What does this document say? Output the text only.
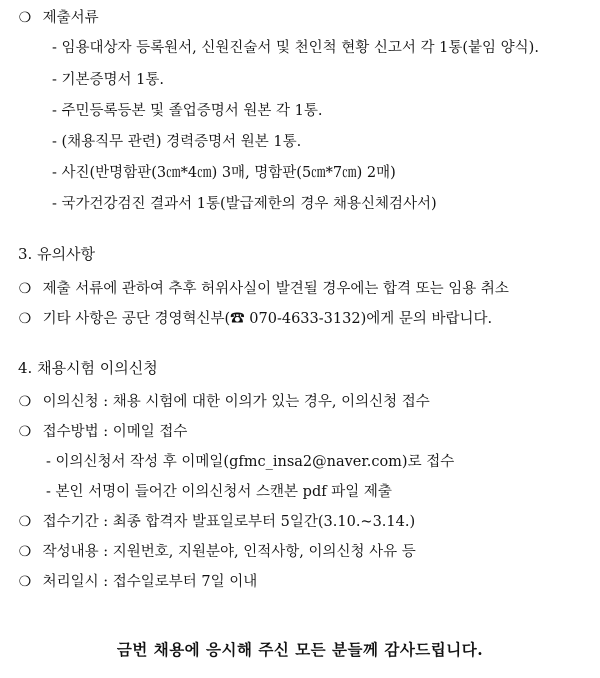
❍ 제출서류
- 임용대상자 등록원서, 신원진술서 및 천인척 현황 신고서 각 1통(붙임 양식).
- 기본증명서 1통.
- 주민등록등본 및 졸업증명서 원본 각 1통.
- (채용직무 관련) 경력증명서 원본 1통.
- 사진(반명함판(3㎝*4㎝) 3매, 명함판(5㎝*7㎝) 2매)
- 국가건강검진 결과서 1통(발급제한의 경우 채용신체검사서)
3. 유의사항
❍ 제출 서류에 관하여 추후 허위사실이 발견될 경우에는 합격 또는 임용 취소
❍ 기타 사항은 공단 경영혁신부(☎ 070-4633-3132)에게 문의 바랍니다.
4. 채용시험 이의신청
❍ 이의신청 : 채용 시험에 대한 이의가 있는 경우, 이의신청 접수
❍ 접수방법 : 이메일 접수
- 이의신청서 작성 후 이메일(gfmc_insa2@naver.com)로 접수
- 본인 서명이 들어간 이의신청서 스캔본 pdf 파일 제출
❍ 접수기간 : 최종 합격자 발표일로부터 5일간(3.10.~3.14.)
❍ 작성내용 : 지원번호, 지원분야, 인적사항, 이의신청 사유 등
❍ 처리일시 : 접수일로부터 7일 이내
금번 채용에 응시해 주신 모든 분들께 감사드립니다.
